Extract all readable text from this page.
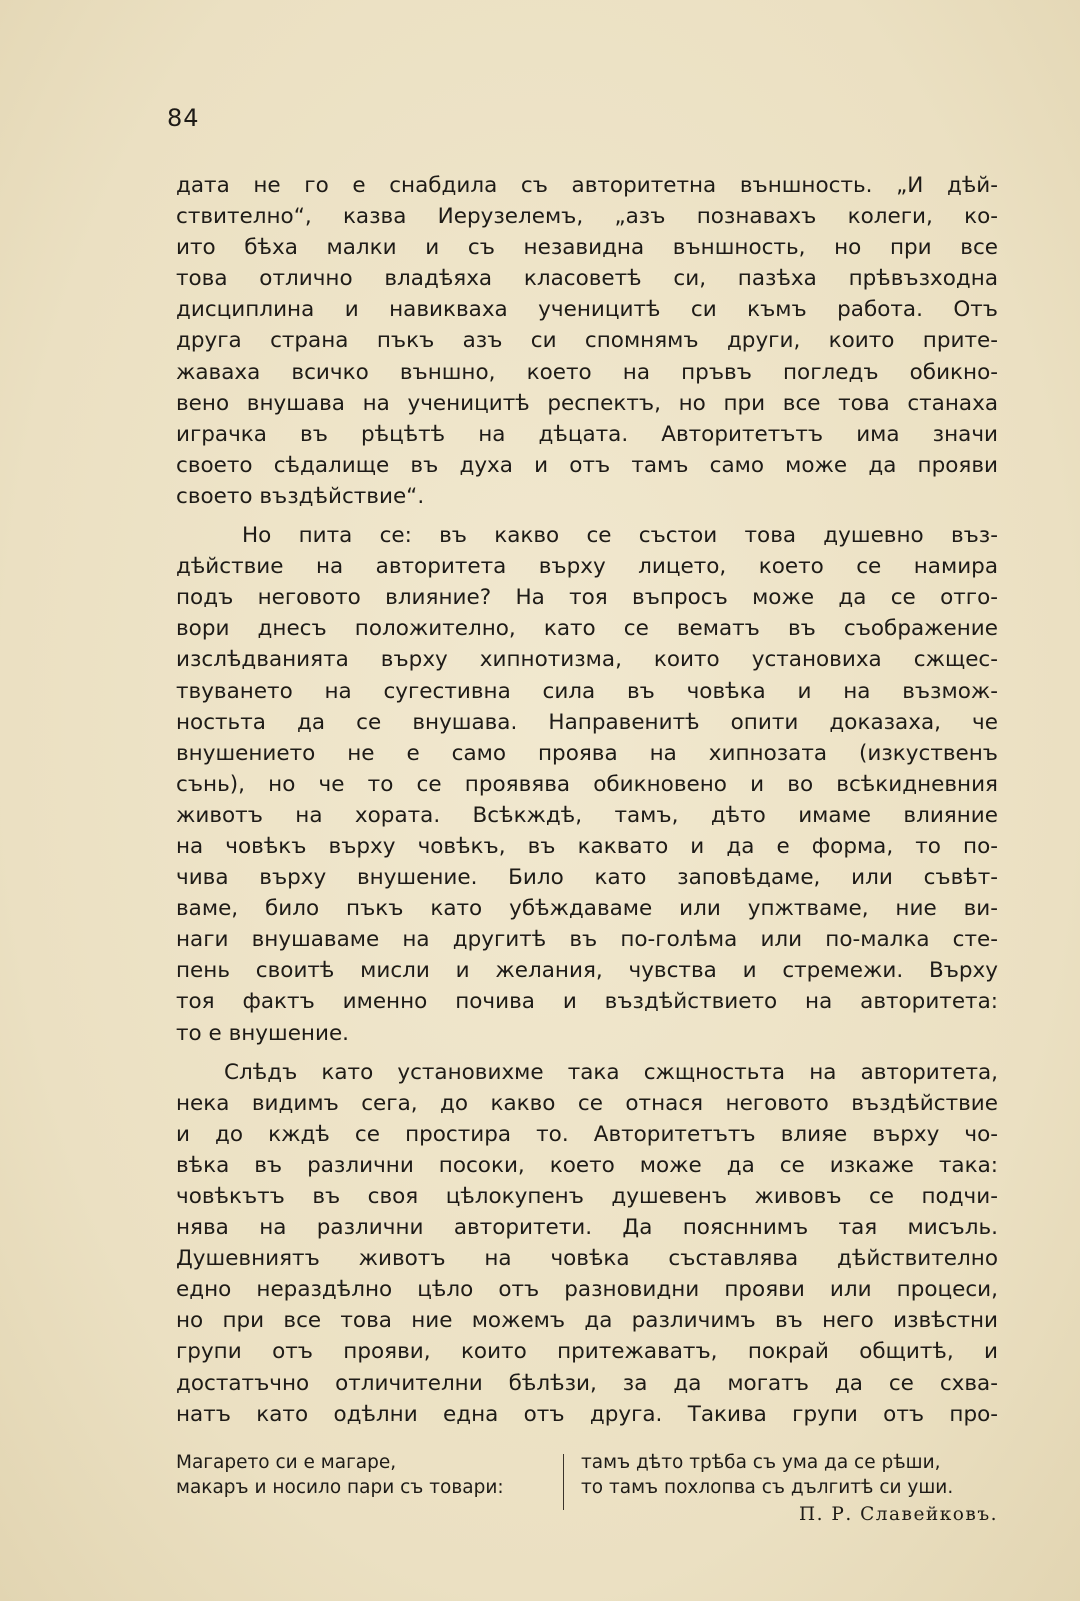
84
дата не го е снабдила съ авторитетна външность. „И дѣй-
ствително“, казва Иерузелемъ, „азъ познавахъ колеги, ко-
ито бѣха малки и съ незавидна външность, но при все
това отлично владѣяха класоветѣ си, пазѣха прѣвъзходна
дисциплина и навикваха ученицитѣ си къмъ работа. Отъ
друга страна пъкъ азъ си спомнямъ други, които прите-
жаваха всичко външно, което на пръвъ погледъ обикно-
вено внушава на ученицитѣ респектъ, но при все това станаха
играчка въ рѣцѣтѣ на дѣцата. Авторитетътъ има значи
своето сѣдалище въ духа и отъ тамъ само може да прояви
своето въздѣйствие“.
Но пита се: въ какво се състои това душевно въз-
дѣйствие на авторитета върху лицето, което се намира
подъ неговото влияние? На тоя въпросъ може да се отго-
вори днесъ положително, като се вематъ въ съображение
изслѣдванията върху хипнотизма, които установиха сжщес-
твуването на сугестивна сила въ човѣка и на възмож-
ностьта да се внушава. Направенитѣ опити доказаха, че
внушението не е само проява на хипнозата (изкуственъ
сънь), но че то се проявява обикновено и во всѣкидневния
животъ на хората. Всѣкждѣ, тамъ, дѣто имаме влияние
на човѣкъ върху човѣкъ, въ каквато и да е форма, то по-
чива върху внушение. Било като заповѣдаме, или съвѣт-
ваме, било пъкъ като убѣждаваме или упжтваме, ние ви-
наги внушаваме на другитѣ въ по-голѣма или по-малка сте-
пень своитѣ мисли и желания, чувства и стремежи. Върху
тоя фактъ именно почива и въздѣйствието на авторитета:
то е внушение.
Слѣдъ като установихме така сжщностьта на авторитета,
нека видимъ сега, до какво се отнася неговото въздѣйствие
и до кждѣ се простира то. Авторитетътъ влияе върху чо-
вѣка въ различни посоки, което може да се изкаже така:
човѣкътъ въ своя цѣлокупенъ душевенъ живовъ се подчи-
нява на различни авторитети. Да поясннимъ тая мисъль.
Душевниятъ животъ на човѣка съставлява дѣйствително
едно нераздѣлно цѣло отъ разновидни прояви или процеси,
но при все това ние можемъ да различимъ въ него извѣстни
групи отъ прояви, които притежаватъ, покрай общитѣ, и
достатъчно отличителни бѣлѣзи, за да могатъ да се схва-
натъ като одѣлни една отъ друга. Такива групи отъ про-
Магарето си е магаре,
макаръ и носило пари съ товари:
тамъ дѣто трѣба съ ума да се рѣши,
то тамъ похлопва съ дългитѣ си уши.
П. Р. Славейковъ.
